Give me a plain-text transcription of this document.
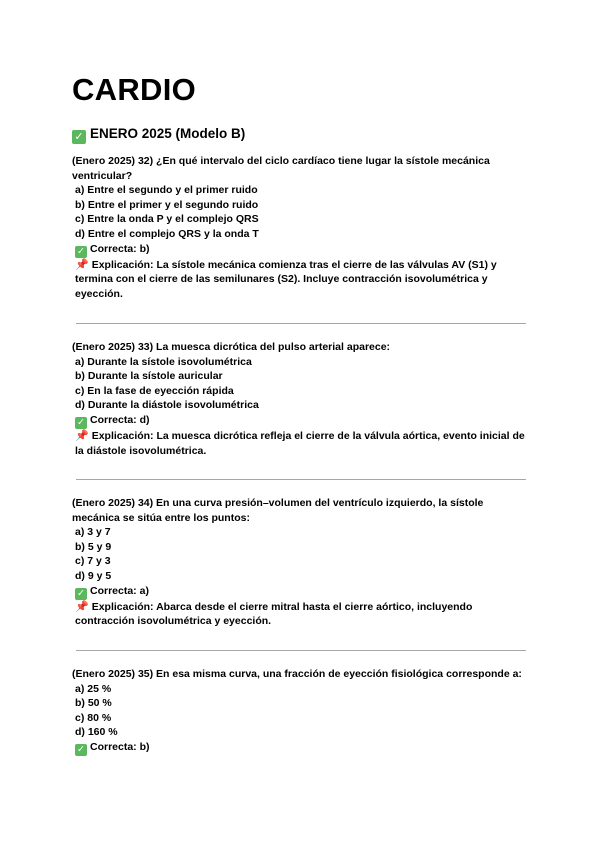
CARDIO
✓ ENERO 2025 (Modelo B)

(Enero 2025) 32) ¿En qué intervalo del ciclo cardíaco tiene lugar la sístole mecánica ventricular?

a) Entre el segundo y el primer ruido

b) Entre el primer y el segundo ruido

c) Entre la onda P y el complejo QRS

d) Entre el complejo QRS y la onda T

✓ Correcta: b)

📌 Explicación: La sístole mecánica comienza tras el cierre de las válvulas AV (S1) y termina con el cierre de las semilunares (S2). Incluye contracción isovolumétrica y eyección.

(Enero 2025) 33) La muesca dicrótica del pulso arterial aparece:

a) Durante la sístole isovolumétrica

b) Durante la sístole auricular

c) En la fase de eyección rápida

d) Durante la diástole isovolumétrica

✓ Correcta: d)

📌 Explicación: La muesca dicrótica refleja el cierre de la válvula aórtica, evento inicial de la diástole isovolumétrica.

(Enero 2025) 34) En una curva presión–volumen del ventrículo izquierdo, la sístole mecánica se sitúa entre los puntos:

a) 3 y 7

b) 5 y 9

c) 7 y 3

d) 9 y 5

✓ Correcta: a)

📌 Explicación: Abarca desde el cierre mitral hasta el cierre aórtico, incluyendo contracción isovolumétrica y eyección.

(Enero 2025) 35) En esa misma curva, una fracción de eyección fisiológica corresponde a:

a) 25 %

b) 50 %

c) 80 %

d) 160 %

✓ Correcta: b)
